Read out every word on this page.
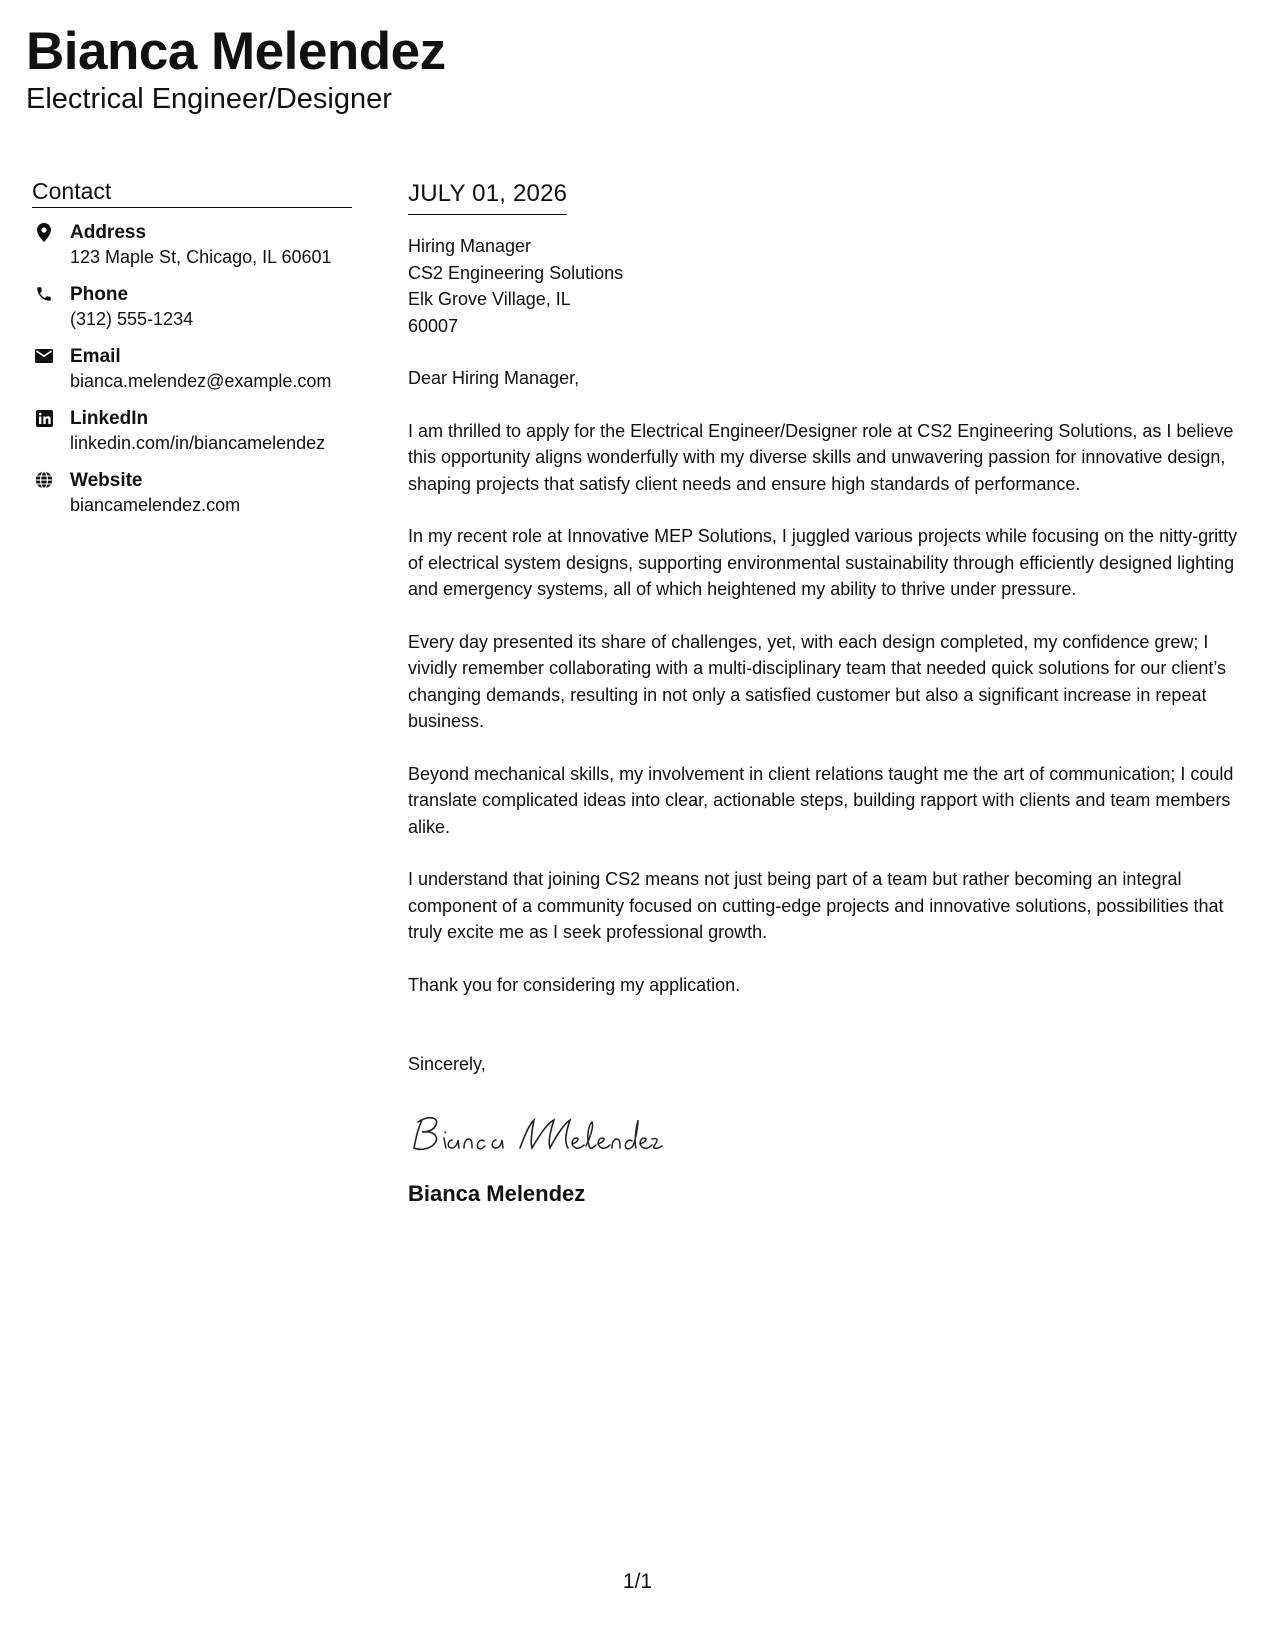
Bianca Melendez
Electrical Engineer/Designer
Contact
Address
123 Maple St, Chicago, IL 60601
Phone
(312) 555-1234
Email
bianca.melendez@example.com
LinkedIn
linkedin.com/in/biancamelendez
Website
biancamelendez.com
JULY 01, 2026
Hiring Manager
CS2 Engineering Solutions
Elk Grove Village, IL
60007
Dear Hiring Manager,
I am thrilled to apply for the Electrical Engineer/Designer role at CS2 Engineering Solutions, as I believe this opportunity aligns wonderfully with my diverse skills and unwavering passion for innovative design, shaping projects that satisfy client needs and ensure high standards of performance.
In my recent role at Innovative MEP Solutions, I juggled various projects while focusing on the nitty-gritty of electrical system designs, supporting environmental sustainability through efficiently designed lighting and emergency systems, all of which heightened my ability to thrive under pressure.
Every day presented its share of challenges, yet, with each design completed, my confidence grew; I vividly remember collaborating with a multi-disciplinary team that needed quick solutions for our client’s changing demands, resulting in not only a satisfied customer but also a significant increase in repeat business.
Beyond mechanical skills, my involvement in client relations taught me the art of communication; I could translate complicated ideas into clear, actionable steps, building rapport with clients and team members alike.
I understand that joining CS2 means not just being part of a team but rather becoming an integral component of a community focused on cutting-edge projects and innovative solutions, possibilities that truly excite me as I seek professional growth.
Thank you for considering my application.
Sincerely,
Bianca Melendez
1/1
